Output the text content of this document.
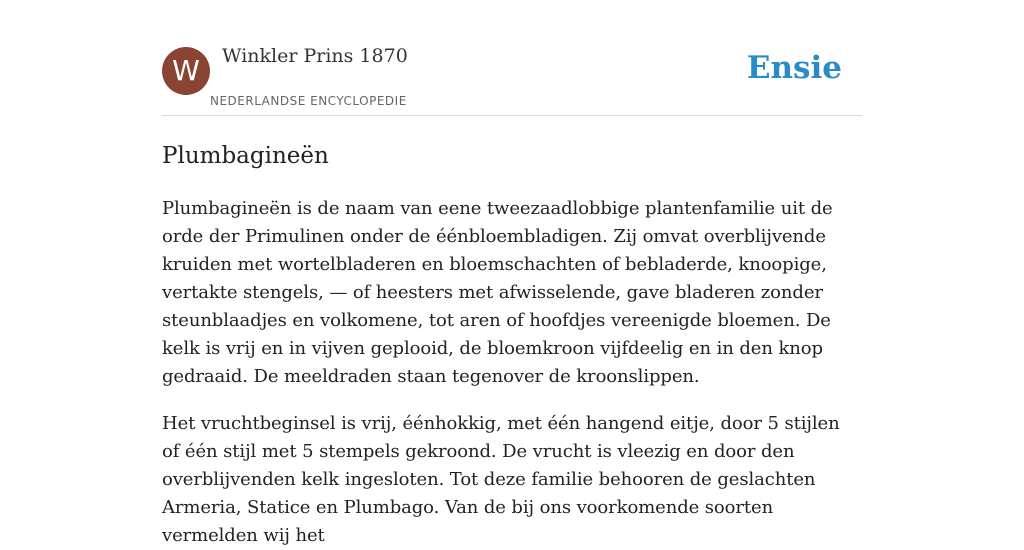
W	Winkler Prins 1870
NEDERLANDSE ENCYCLOPEDIE
Ensie
Plumbagineën

Plumbagineën is de naam van eene tweezaadlobbige plantenfamilie uit de orde der Primulinen onder de éénbloembladigen. Zij omvat overblijvende kruiden met wortelbladeren en bloemschachten of bebladerde, knoopige, vertakte stengels, — of heesters met afwisselende, gave bladeren zonder steunblaadjes en volkomene, tot aren of hoofdjes vereenigde bloemen. De kelk is vrij en in vijven geplooid, de bloemkroon vijfdeelig en in den knop gedraaid. De meeldraden staan tegenover de kroonslippen.

Het vruchtbeginsel is vrij, éénhokkig, met één hangend eitje, door 5 stijlen of één stijl met 5 stempels gekroond. De vrucht is vleezig en door den overblijvenden kelk ingesloten. Tot deze familie behooren de geslachten Armeria, Statice en Plumbago. Van de bij ons voorkomende soorten vermelden wij het
